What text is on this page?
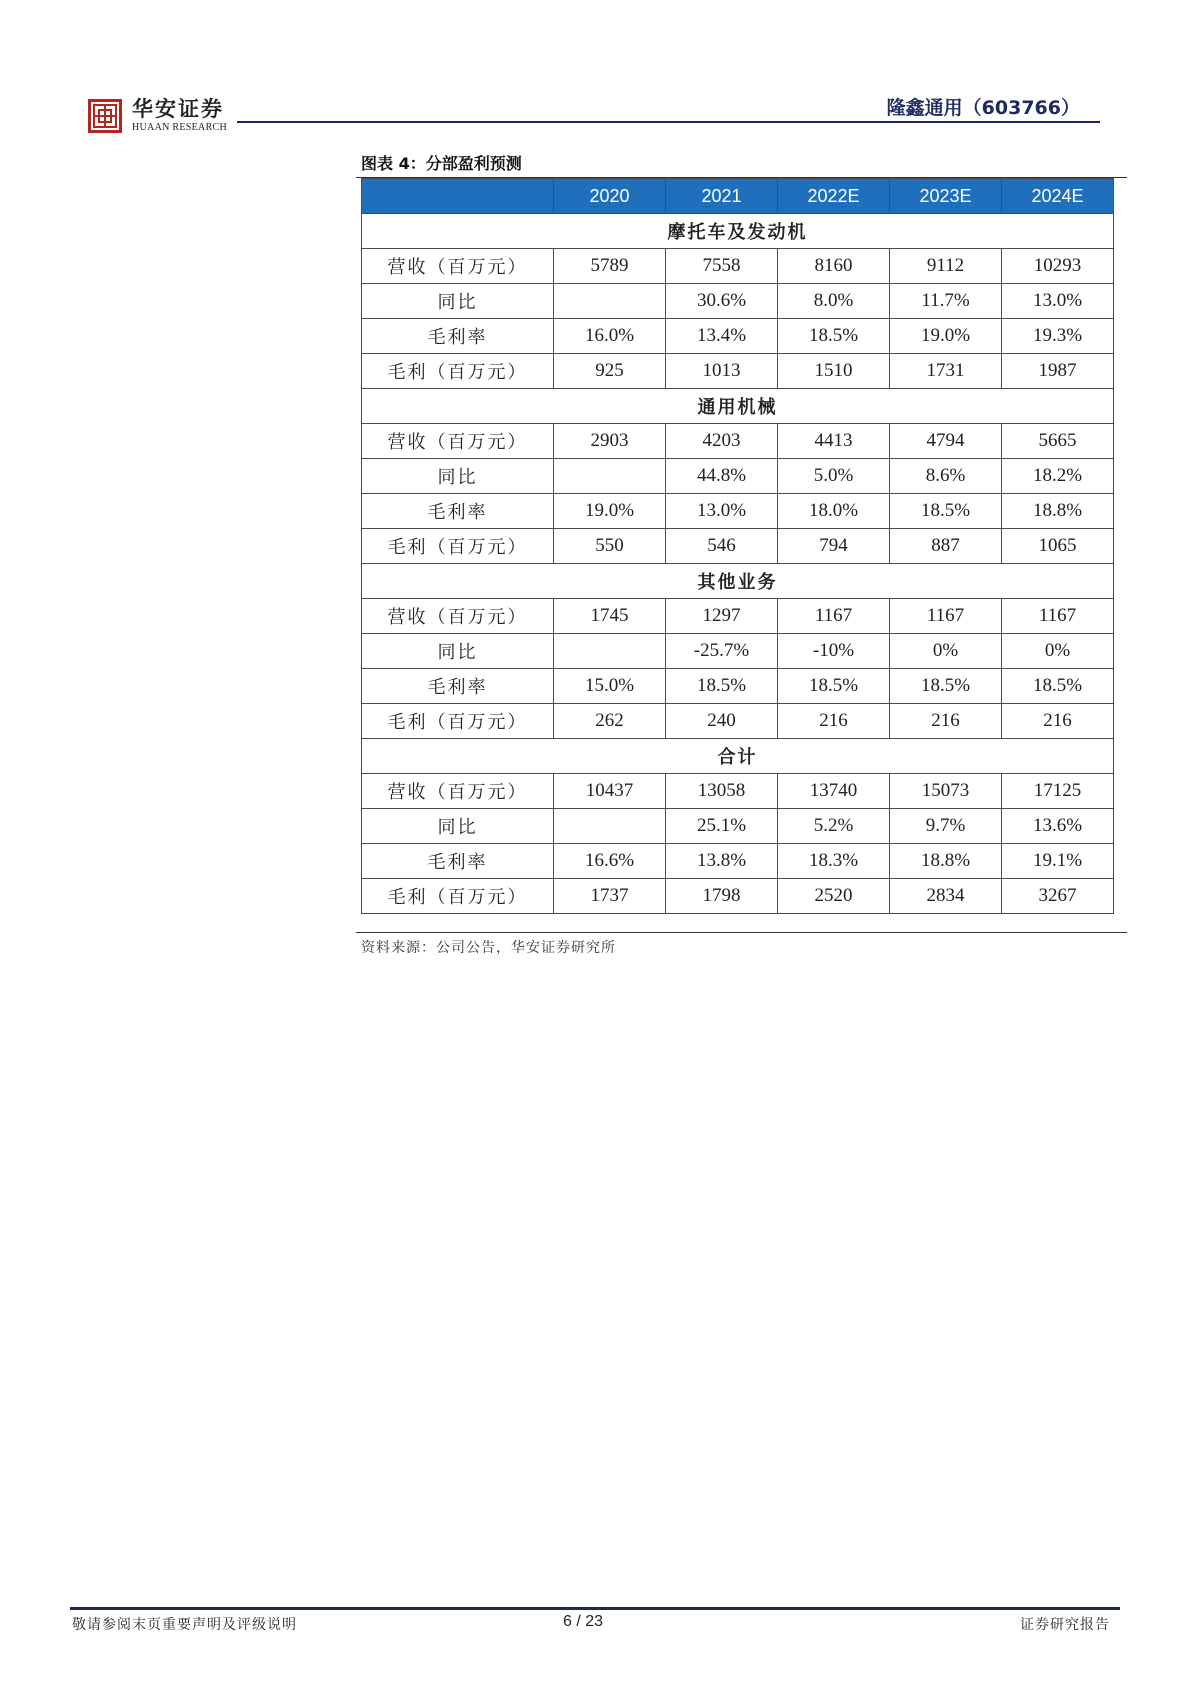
华安证券
HUAAN RESEARCH
隆鑫通用（603766）
图表 4：分部盈利预测
	2020	2021	2022E	2023E	2024E
摩托车及发动机					
营收（百万元）	5789	7558	8160	9112	10293
同比		30.6%	8.0%	11.7%	13.0%
毛利率	16.0%	13.4%	18.5%	19.0%	19.3%
毛利（百万元）	925	1013	1510	1731	1987
通用机械					
营收（百万元）	2903	4203	4413	4794	5665
同比		44.8%	5.0%	8.6%	18.2%
毛利率	19.0%	13.0%	18.0%	18.5%	18.8%
毛利（百万元）	550	546	794	887	1065
其他业务					
营收（百万元）	1745	1297	1167	1167	1167
同比		-25.7%	-10%	0%	0%
毛利率	15.0%	18.5%	18.5%	18.5%	18.5%
毛利（百万元）	262	240	216	216	216
合计					
营收（百万元）	10437	13058	13740	15073	17125
同比		25.1%	5.2%	9.7%	13.6%
毛利率	16.6%	13.8%	18.3%	18.8%	19.1%
毛利（百万元）	1737	1798	2520	2834	3267
资料来源：公司公告，华安证券研究所
敬请参阅末页重要声明及评级说明	6 / 23	证券研究报告
